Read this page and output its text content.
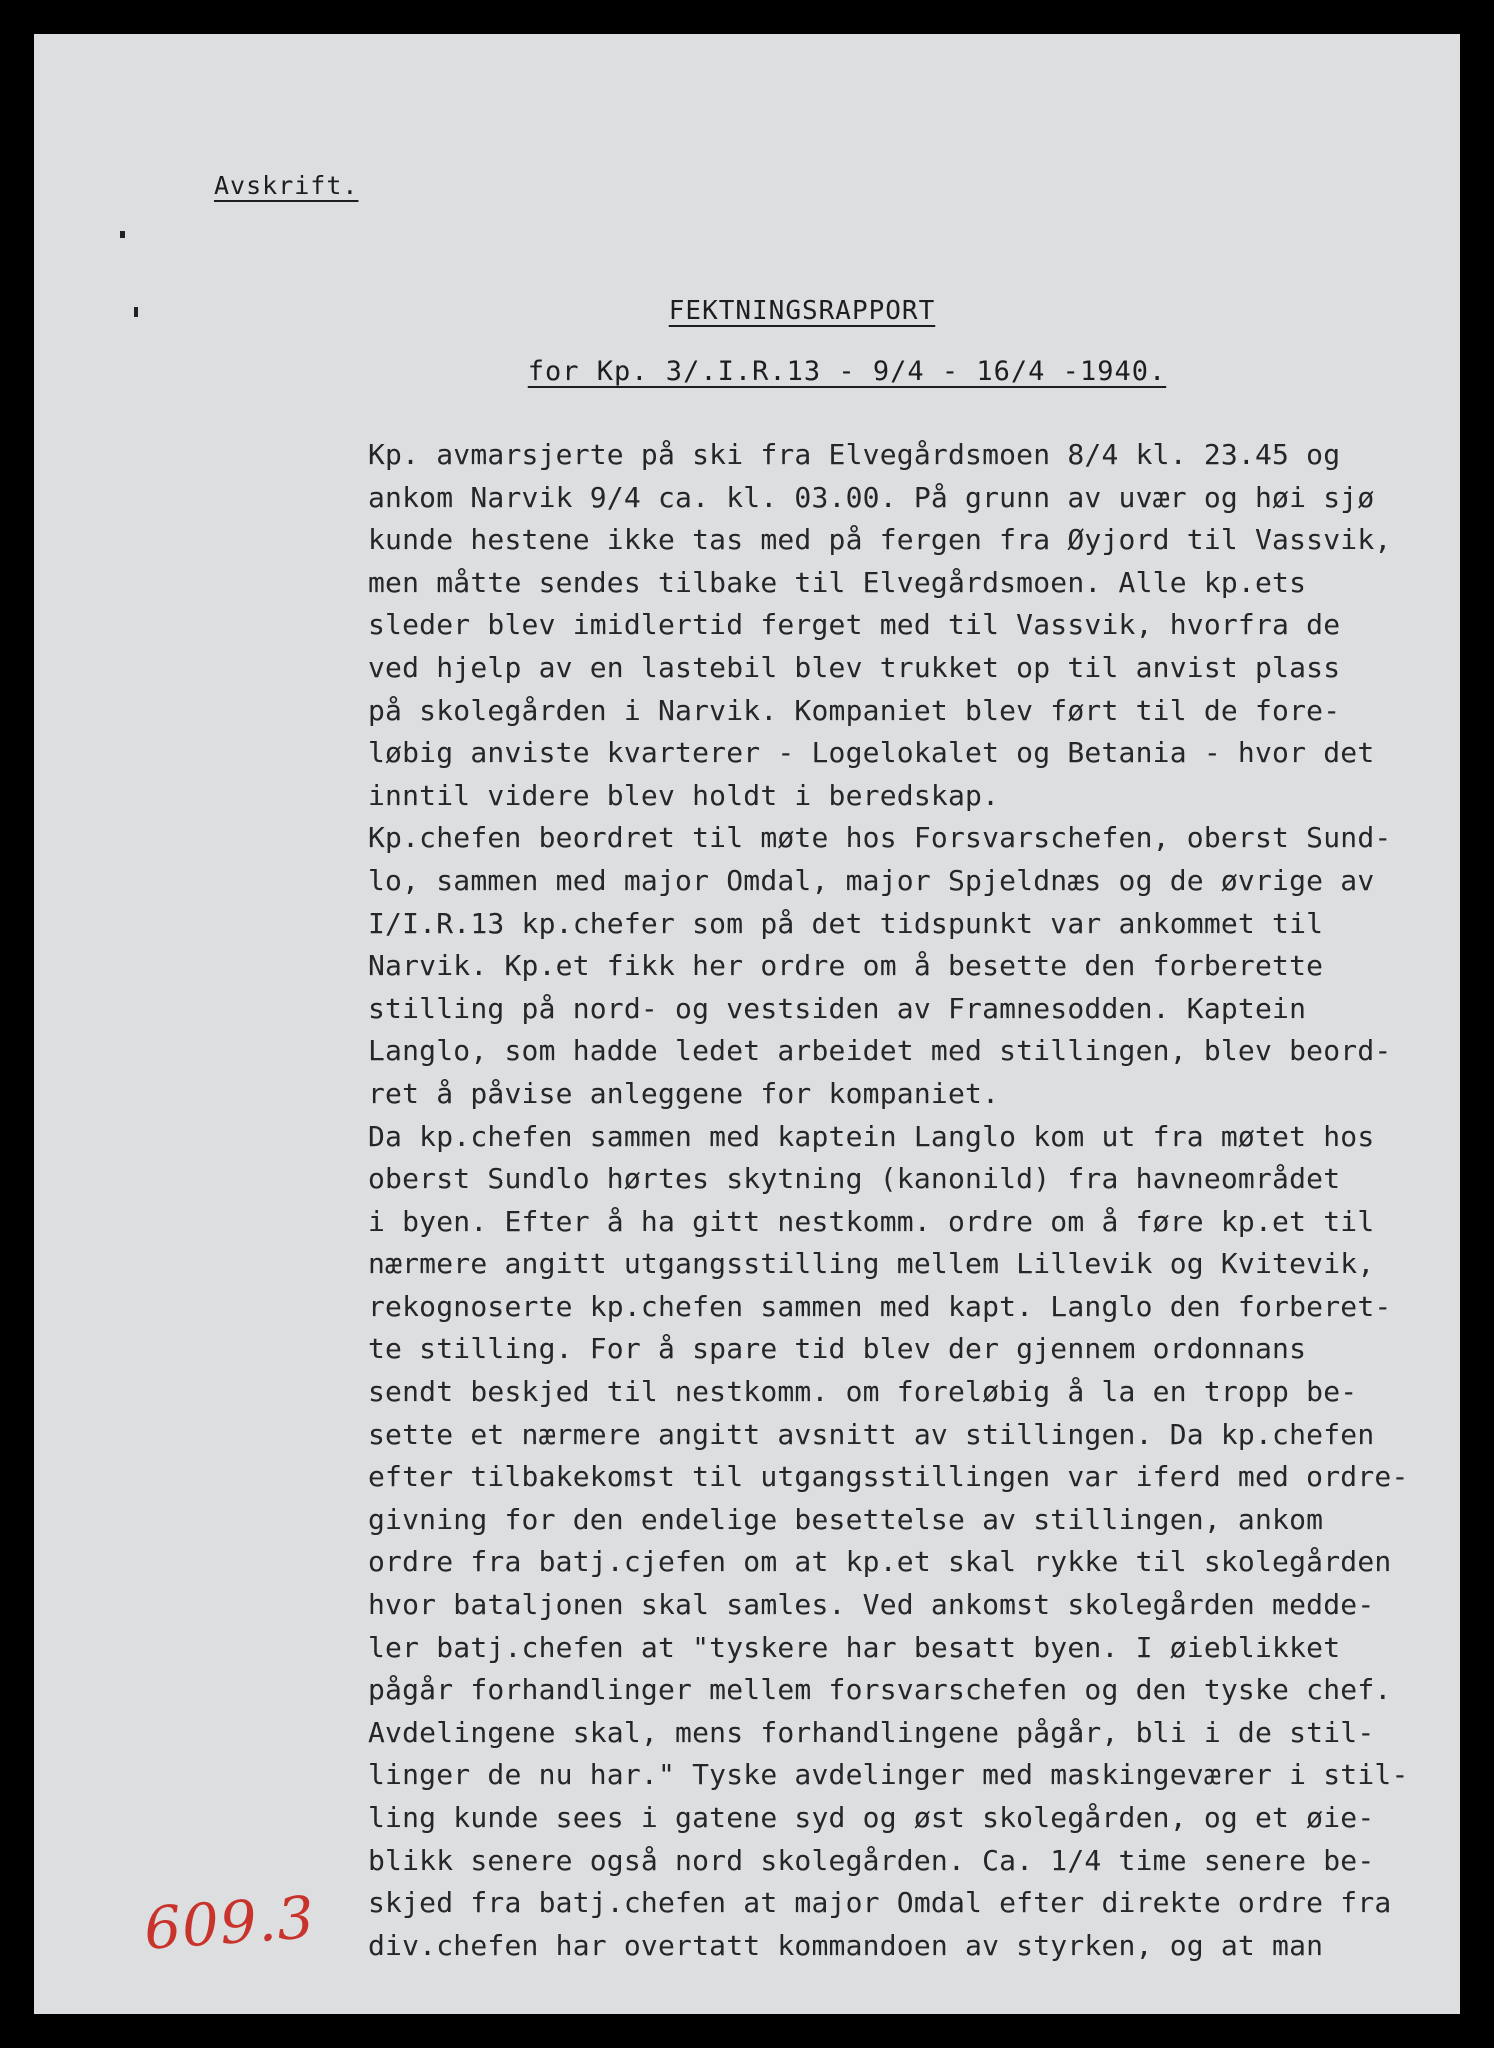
Avskrift.
FEKTNINGSRAPPORT
for Kp. 3/.I.R.13 - 9/4 - 16/4 -1940.
Kp. avmarsjerte på ski fra Elvegårdsmoen 8/4 kl. 23.45 og
ankom Narvik 9/4 ca. kl. 03.00. På grunn av uvær og høi sjø
kunde hestene ikke tas med på fergen fra Øyjord til Vassvik,
men måtte sendes tilbake til Elvegårdsmoen. Alle kp.ets
sleder blev imidlertid ferget med til Vassvik, hvorfra de
ved hjelp av en lastebil blev trukket op til anvist plass
på skolegården i Narvik. Kompaniet blev ført til de fore-
løbig anviste kvarterer - Logelokalet og Betania - hvor det
inntil videre blev holdt i beredskap.
Kp.chefen beordret til møte hos Forsvarschefen, oberst Sund-
lo, sammen med major Omdal, major Spjeldnæs og de øvrige av
I/I.R.13 kp.chefer som på det tidspunkt var ankommet til
Narvik. Kp.et fikk her ordre om å besette den forberette
stilling på nord- og vestsiden av Framnesodden. Kaptein
Langlo, som hadde ledet arbeidet med stillingen, blev beord-
ret å påvise anleggene for kompaniet.
Da kp.chefen sammen med kaptein Langlo kom ut fra møtet hos
oberst Sundlo hørtes skytning (kanonild) fra havneområdet
i byen. Efter å ha gitt nestkomm. ordre om å føre kp.et til
nærmere angitt utgangsstilling mellem Lillevik og Kvitevik,
rekognoserte kp.chefen sammen med kapt. Langlo den forberet-
te stilling. For å spare tid blev der gjennem ordonnans
sendt beskjed til nestkomm. om foreløbig å la en tropp be-
sette et nærmere angitt avsnitt av stillingen. Da kp.chefen
efter tilbakekomst til utgangsstillingen var iferd med ordre-
givning for den endelige besettelse av stillingen, ankom
ordre fra batj.cjefen om at kp.et skal rykke til skolegården
hvor bataljonen skal samles. Ved ankomst skolegården medde-
ler batj.chefen at "tyskere har besatt byen. I øieblikket
pågår forhandlinger mellem forsvarschefen og den tyske chef.
Avdelingene skal, mens forhandlingene pågår, bli i de stil-
linger de nu har." Tyske avdelinger med maskingeværer i stil-
ling kunde sees i gatene syd og øst skolegården, og et øie-
blikk senere også nord skolegården. Ca. 1/4 time senere be-
skjed fra batj.chefen at major Omdal efter direkte ordre fra
div.chefen har overtatt kommandoen av styrken, og at man
609.3
